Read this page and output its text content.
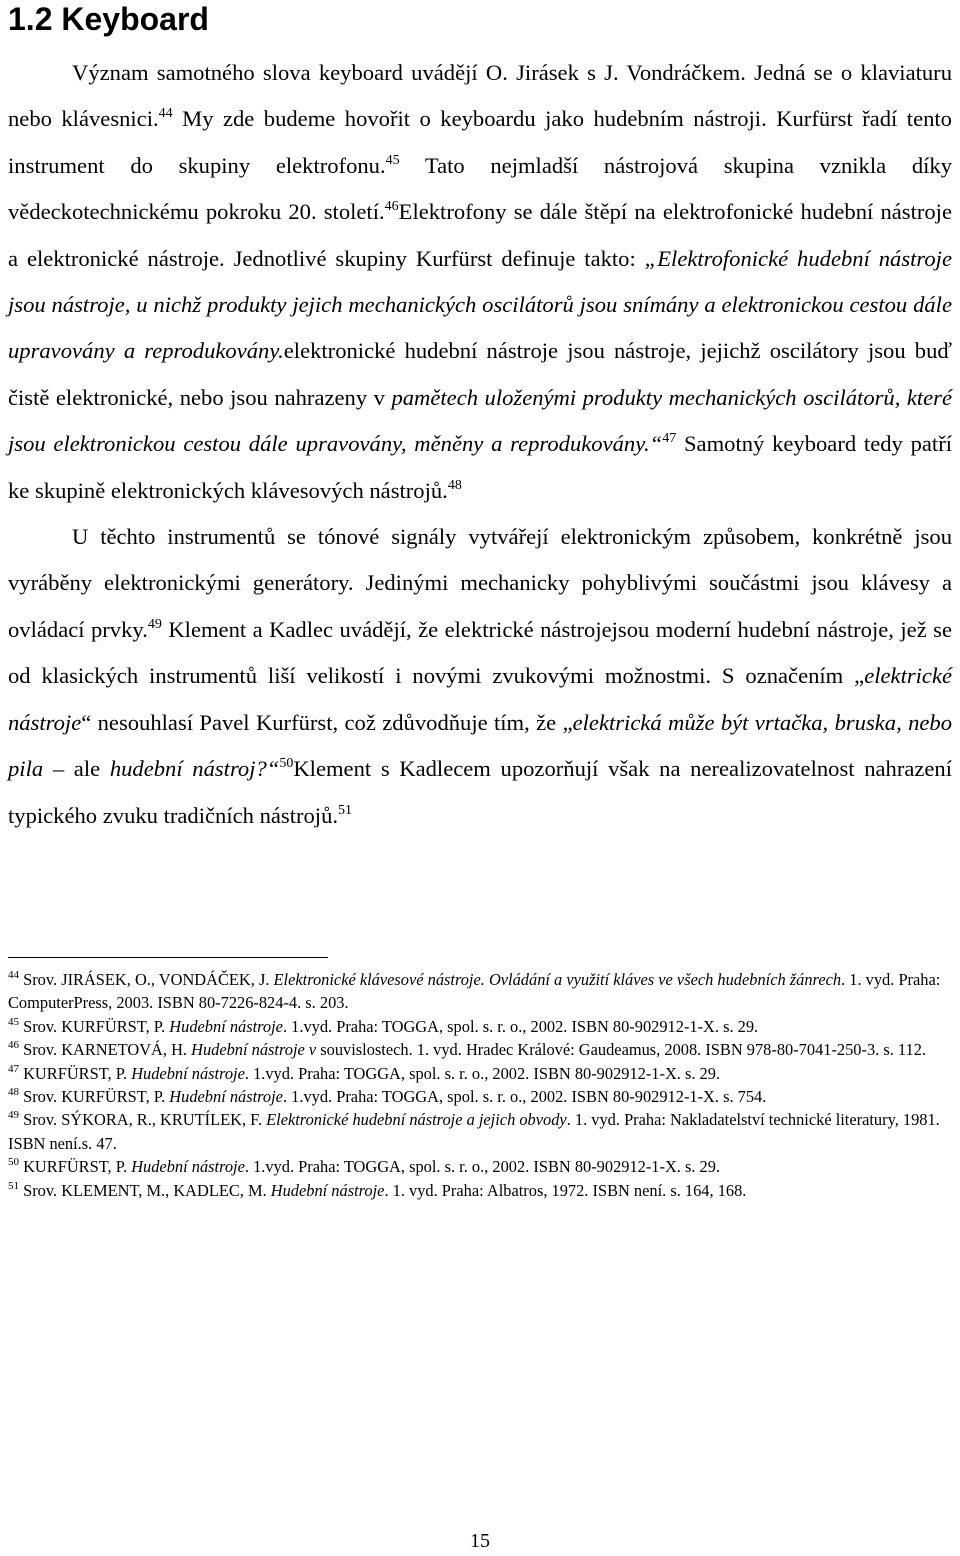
1.2 Keyboard

Význam samotného slova keyboard uvádějí O. Jirásek s J. Vondráčkem. Jedná se o klaviaturu nebo klávesnici.$^{44}$ My zde budeme hovořit o keyboardu jako hudebním nástroji. Kurfürst řadí tento instrument do skupiny elektrofonu.$^{45}$ Tato nejmladší nástrojová skupina vznikla díky vědeckotechnickému pokroku 20. století.$^{46}$Elektrofony se dále štěpí na elektrofonické hudební nástroje a elektronické nástroje. Jednotlivé skupiny Kurfürst definuje takto: „Elektrofonické hudební nástroje jsou nástroje, u nichž produkty jejich mechanických oscilátorů jsou snímány a elektronickou cestou dále upravovány a reprodukovány.elektronické hudební nástroje jsou nástroje, jejichž oscilátory jsou buď čistě elektronické, nebo jsou nahrazeny v pamětech uloženými produkty mechanických oscilátorů, které jsou elektronickou cestou dále upravovány, měněny a reprodukovány.“$^{47}$ Samotný keyboard tedy patří ke skupině elektronických klávesových nástrojů.$^{48}$

U těchto instrumentů se tónové signály vytvářejí elektronickým způsobem, konkrétně jsou vyráběny elektronickými generátory. Jedinými mechanicky pohyblivými součástmi jsou klávesy a ovládací prvky.$^{49}$ Klement a Kadlec uvádějí, že elektrické nástrojejsou moderní hudební nástroje, jež se od klasických instrumentů liší velikostí i novými zvukovými možnostmi. S označením „elektrické nástroje“ nesouhlasí Pavel Kurfürst, což zdůvodňuje tím, že „elektrická může být vrtačka, bruska, nebo pila – ale hudební nástroj?“$^{50}$Klement s Kadlecem upozorňují však na nerealizovatelnost nahrazení typického zvuku tradičních nástrojů.$^{51}$

$^{44}$ Srov. JIRÁSEK, O., VONDÁČEK, J. Elektronické klávesové nástroje. Ovládání a využití kláves ve všech hudebních žánrech. 1. vyd. Praha: ComputerPress, 2003. ISBN 80-7226-824-4. s. 203.

$^{45}$ Srov. KURFÜRST, P. Hudební nástroje. 1.vyd. Praha: TOGGA, spol. s. r. o., 2002. ISBN 80-902912-1-X. s. 29.

$^{46}$ Srov. KARNETOVÁ, H. Hudební nástroje v souvislostech. 1. vyd. Hradec Králové: Gaudeamus, 2008. ISBN 978-80-7041-250-3. s. 112.

$^{47}$ KURFÜRST, P. Hudební nástroje. 1.vyd. Praha: TOGGA, spol. s. r. o., 2002. ISBN 80-902912-1-X. s. 29.

$^{48}$ Srov. KURFÜRST, P. Hudební nástroje. 1.vyd. Praha: TOGGA, spol. s. r. o., 2002. ISBN 80-902912-1-X. s. 754.

$^{49}$ Srov. SÝKORA, R., KRUTÍLEK, F. Elektronické hudební nástroje a jejich obvody. 1. vyd. Praha: Nakladatelství technické literatury, 1981. ISBN není.s. 47.

$^{50}$ KURFÜRST, P. Hudební nástroje. 1.vyd. Praha: TOGGA, spol. s. r. o., 2002. ISBN 80-902912-1-X. s. 29.

$^{51}$ Srov. KLEMENT, M., KADLEC, M. Hudební nástroje. 1. vyd. Praha: Albatros, 1972. ISBN není. s. 164, 168.

15
